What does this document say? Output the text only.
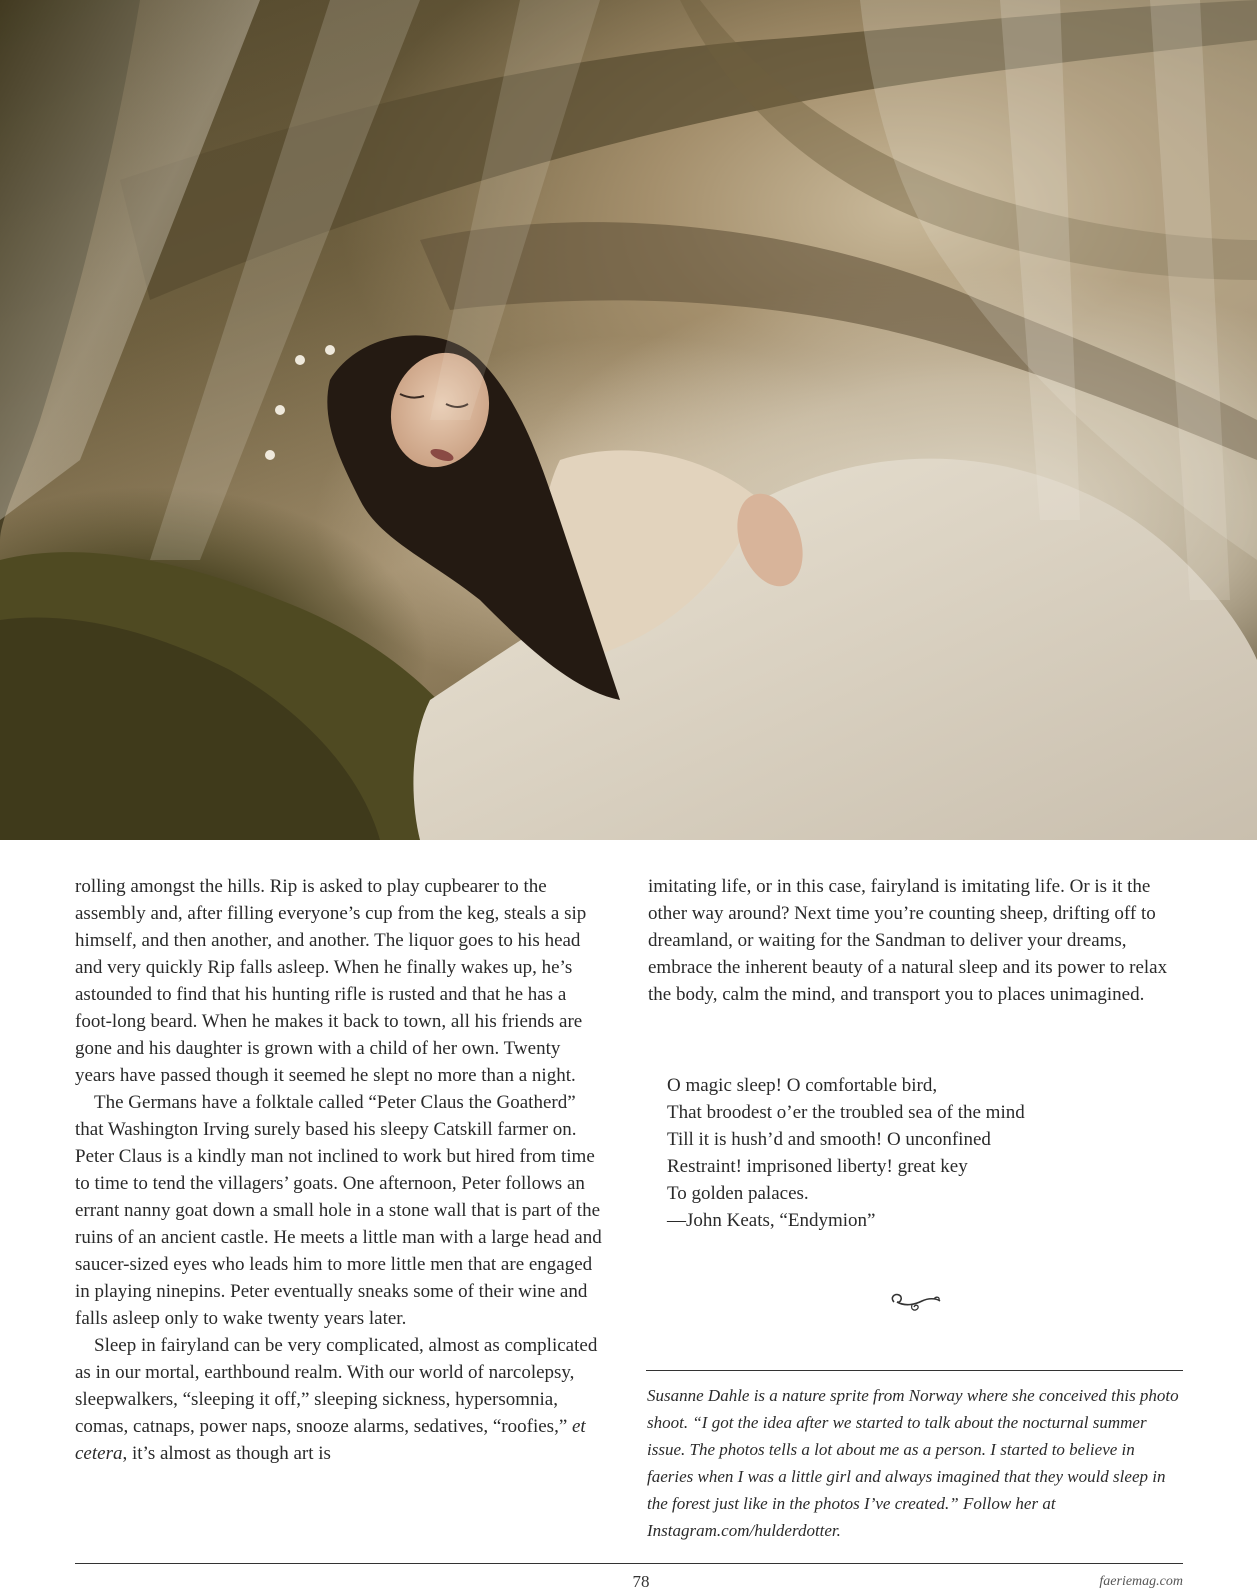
rolling amongst the hills. Rip is asked to play cupbearer to the assembly and, after filling everyone’s cup from the keg, steals a sip himself, and then another, and another. The liquor goes to his head and very quickly Rip falls asleep. When he finally wakes up, he’s astounded to find that his hunting rifle is rusted and that he has a foot-long beard. When he makes it back to town, all his friends are gone and his daughter is grown with a child of her own. Twenty years have passed though it seemed he slept no more than a night.

The Germans have a folktale called “Peter Claus the Goatherd” that Washington Irving surely based his sleepy Catskill farmer on. Peter Claus is a kindly man not inclined to work but hired from time to time to tend the villagers’ goats. One afternoon, Peter follows an errant nanny goat down a small hole in a stone wall that is part of the ruins of an ancient castle. He meets a little man with a large head and saucer-sized eyes who leads him to more little men that are engaged in playing ninepins. Peter eventually sneaks some of their wine and falls asleep only to wake twenty years later.

Sleep in fairyland can be very complicated, almost as complicated as in our mortal, earthbound realm. With our world of narcolepsy, sleepwalkers, “sleeping it off,” sleeping sickness, hypersomnia, comas, catnaps, power naps, snooze alarms, sedatives, “roofies,” et cetera, it’s almost as though art is

imitating life, or in this case, fairyland is imitating life. Or is it the other way around? Next time you’re counting sheep, drifting off to dreamland, or waiting for the Sandman to deliver your dreams, embrace the inherent beauty of a natural sleep and its power to relax the body, calm the mind, and transport you to places unimagined.

O magic sleep! O comfortable bird,
That broodest o’er the troubled sea of the mind
Till it is hush’d and smooth! O unconfined
Restraint! imprisoned liberty! great key
To golden palaces.
—John Keats, “Endymion”
Susanne Dahle is a nature sprite from Norway where she conceived this photo shoot. “I got the idea after we started to talk about the nocturnal summer issue. The photos tells a lot about me as a person. I started to believe in faeries when I was a little girl and always imagined that they would sleep in the forest just like in the photos I’ve created.” Follow her at Instagram.com/hulderdotter.
78	faeriemag.com
